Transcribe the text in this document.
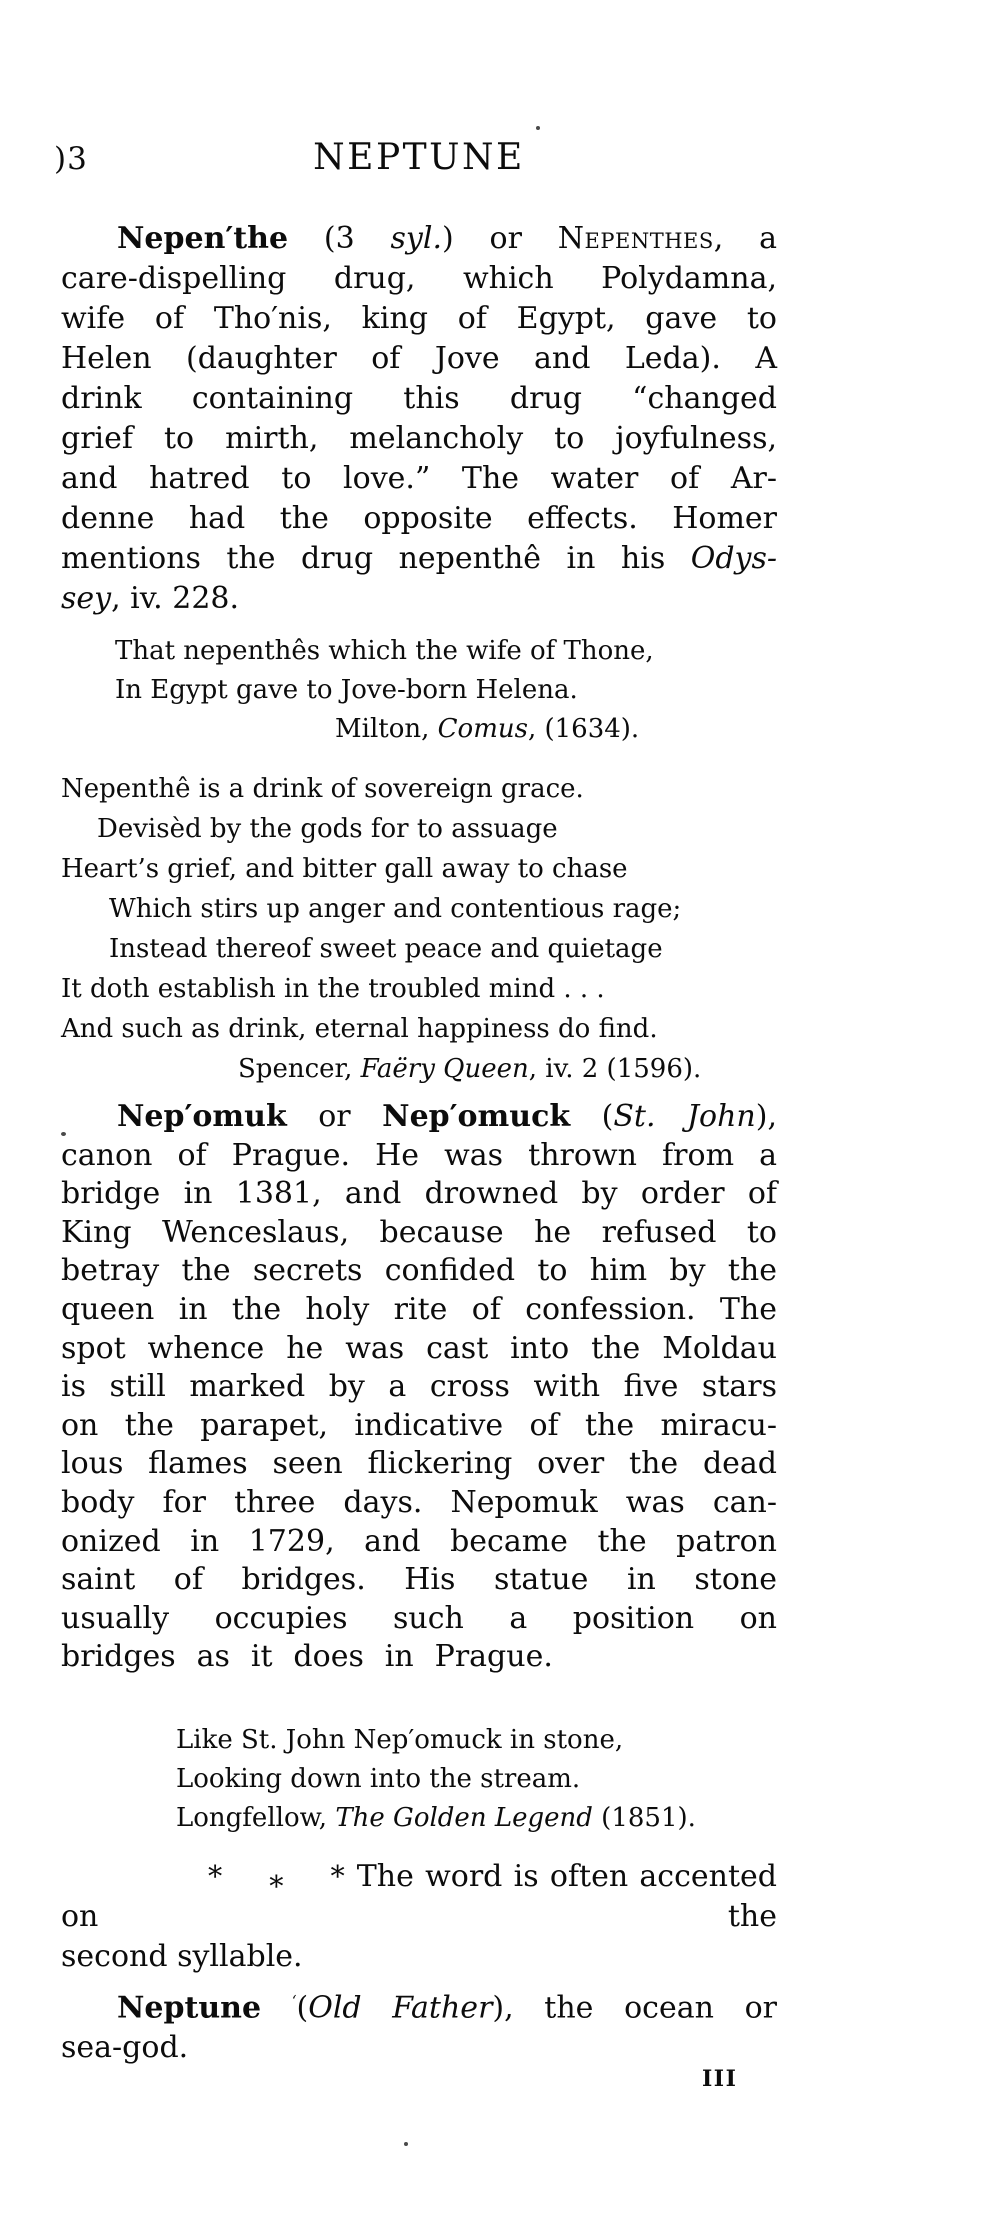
)3	NEPTUNE
Nepen′the (3 syl.) or Nepenthes, a
care-dispelling drug, which Polydamna,
wife of Tho′nis, king of Egypt, gave to
Helen (daughter of Jove and Leda). A
drink containing this drug “changed
grief to mirth, melancholy to joyfulness,
and hatred to love.” The water of Ar-
denne had the opposite effects. Homer
mentions the drug nepenthê in his Odys-
sey, iv. 228.
That nepenthês which the wife of Thone,
In Egypt gave to Jove-born Helena.
Milton, Comus, (1634).
Nepenthê is a drink of sovereign grace.
Devisèd by the gods for to assuage
Heart’s grief, and bitter gall away to chase
Which stirs up anger and contentious rage;
Instead thereof sweet peace and quietage
It doth establish in the troubled mind . . .
And such as drink, eternal happiness do find.
Spencer, Faëry Queen, iv. 2 (1596).
Nep′omuk or Nep′omuck (St. John),
canon of Prague. He was thrown from a
bridge in 1381, and drowned by order of
King Wenceslaus, because he refused to
betray the secrets confided to him by the
queen in the holy rite of confession. The
spot whence he was cast into the Moldau
is still marked by a cross with five stars
on the parapet, indicative of the miracu-
lous flames seen flickering over the dead
body for three days. Nepomuk was can-
onized in 1729, and became the patron
saint of bridges. His statue in stone
usually occupies such a position on
bridges as it does in Prague.
Like St. John Nep′omuck in stone,
Looking down into the stream.
Longfellow, The Golden Legend (1851).
* * * The word is often accented on the
second syllable.
Neptune ‘(Old Father), the ocean or
sea-god.
III
